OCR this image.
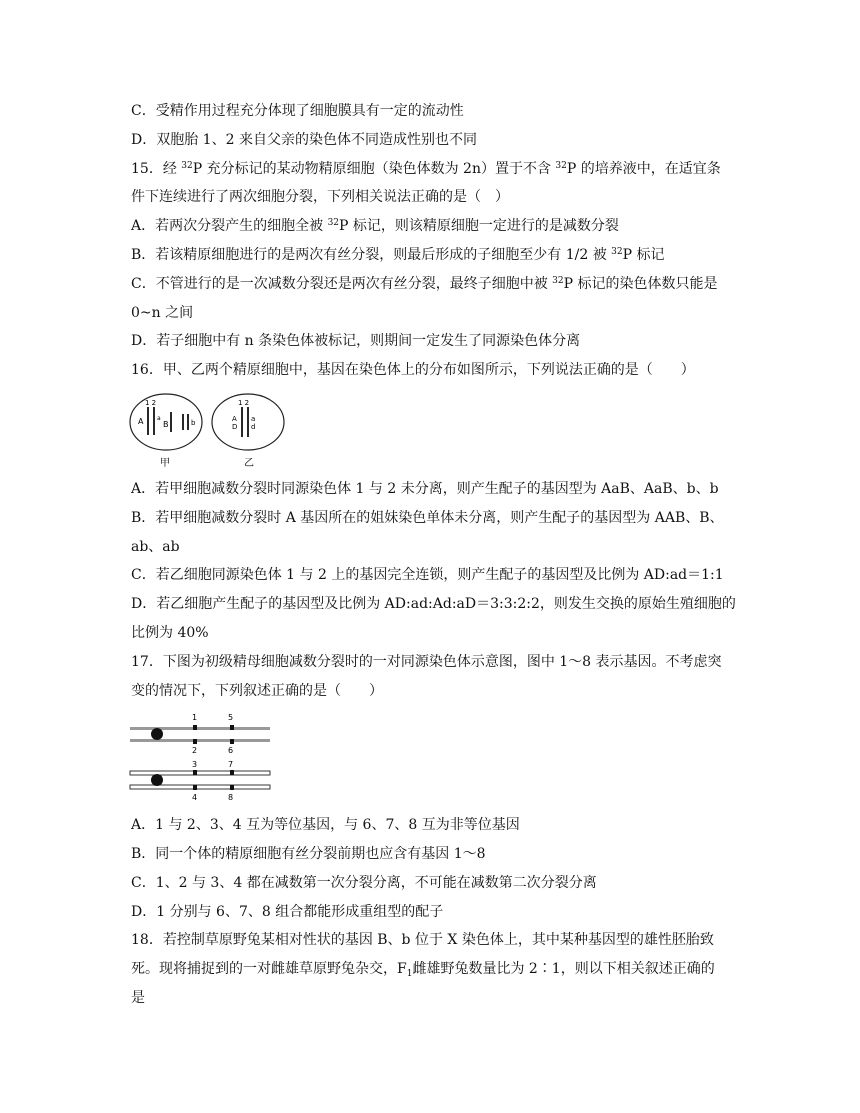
C．受精作用过程充分体现了细胞膜具有一定的流动性
D．双胞胎 1、2 来自父亲的染色体不同造成性别也不同
15．经 $^{32}$P 充分标记的某动物精原细胞（染色体数为 2n）置于不含 $^{32}$P 的培养液中，在适宜条
件下连续进行了两次细胞分裂，下列相关说法正确的是（　）
A．若两次分裂产生的细胞全被 $^{32}$P 标记，则该精原细胞一定进行的是减数分裂
B．若该精原细胞进行的是两次有丝分裂，则最后形成的子细胞至少有 1/2 被 $^{32}$P 标记
C．不管进行的是一次减数分裂还是两次有丝分裂，最终子细胞中被 $^{32}$P 标记的染色体数只能是
0~n 之间
D．若子细胞中有 n 条染色体被标记，则期间一定发生了同源染色体分离
16．甲、乙两个精原细胞中，基因在染色体上的分布如图所示，下列说法正确的是（　　）
1 2
A a
B	b
甲
1 2
A
D
a
d
乙
A．若甲细胞减数分裂时同源染色体 1 与 2 未分离，则产生配子的基因型为 AaB、AaB、b、b
B．若甲细胞减数分裂时 A 基因所在的姐妹染色单体未分离，则产生配子的基因型为 AAB、B、
ab、ab
C．若乙细胞同源染色体 1 与 2 上的基因完全连锁，则产生配子的基因型及比例为 AD:ad＝1:1
D．若乙细胞产生配子的基因型及比例为 AD:ad:Ad:aD＝3:3:2:2，则发生交换的原始生殖细胞的
比例为 40%
17．下图为初级精母细胞减数分裂时的一对同源染色体示意图，图中 1～8 表示基因。不考虑突
变的情况下，下列叙述正确的是（　　）
1	5
2	6
3	7
4	8
A．1 与 2、3、4 互为等位基因，与 6、7、8 互为非等位基因
B．同一个体的精原细胞有丝分裂前期也应含有基因 1～8
C．1、2 与 3、4 都在减数第一次分裂分离，不可能在减数第二次分裂分离
D．1 分别与 6、7、8 组合都能形成重组型的配子
18．若控制草原野兔某相对性状的基因 B、b 位于 X 染色体上，其中某种基因型的雄性胚胎致
死。现将捕捉到的一对雌雄草原野兔杂交，$F_1$雌雄野兔数量比为 2∶1，则以下相关叙述正确的
是
